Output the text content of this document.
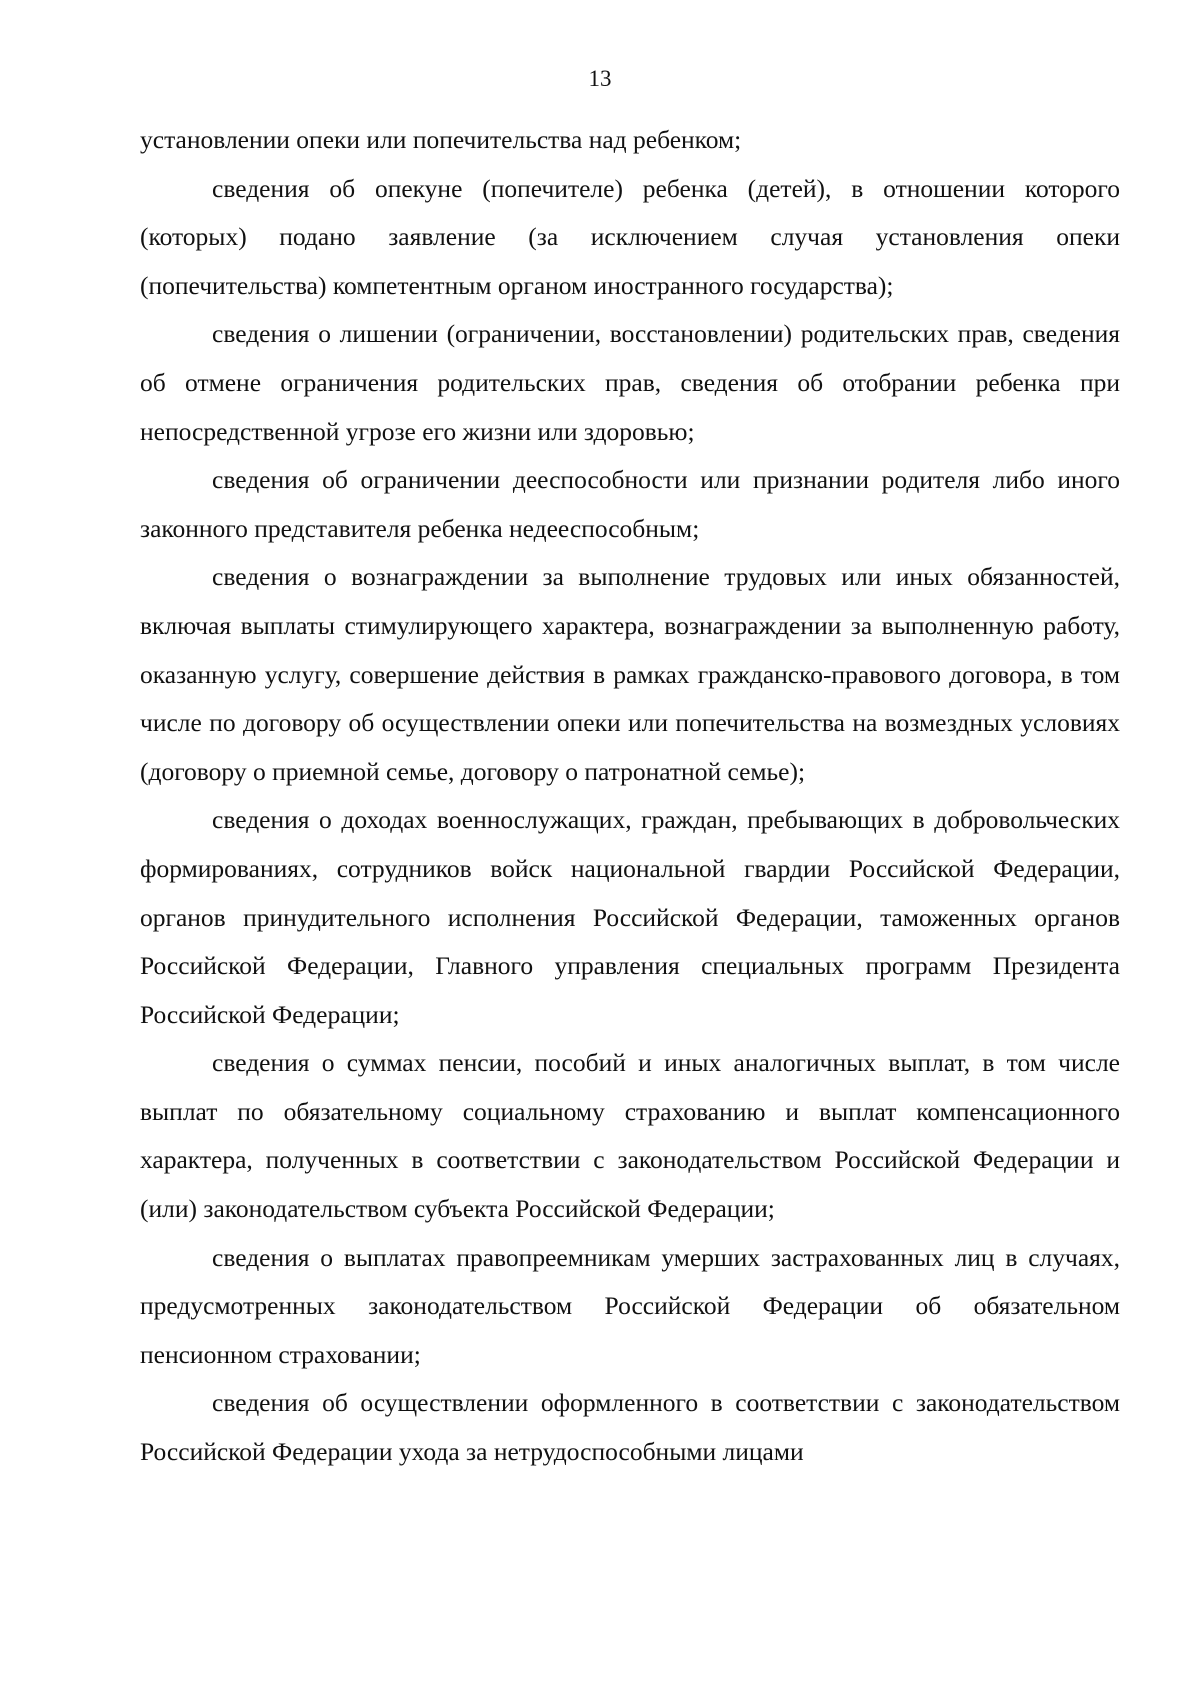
13

установлении опеки или попечительства над ребенком;

сведения об опекуне (попечителе) ребенка (детей), в отношении которого (которых) подано заявление (за исключением случая установления опеки (попечительства) компетентным органом иностранного государства);

сведения о лишении (ограничении, восстановлении) родительских прав, сведения об отмене ограничения родительских прав, сведения об отобрании ребенка при непосредственной угрозе его жизни или здоровью;

сведения об ограничении дееспособности или признании родителя либо иного законного представителя ребенка недееспособным;

сведения о вознаграждении за выполнение трудовых или иных обязанностей, включая выплаты стимулирующего характера, вознаграждении за выполненную работу, оказанную услугу, совершение действия в рамках гражданско-правового договора, в том числе по договору об осуществлении опеки или попечительства на возмездных условиях (договору о приемной семье, договору о патронатной семье);

сведения о доходах военнослужащих, граждан, пребывающих в добровольческих формированиях, сотрудников войск национальной гвардии Российской Федерации, органов принудительного исполнения Российской Федерации, таможенных органов Российской Федерации, Главного управления специальных программ Президента Российской Федерации;

сведения о суммах пенсии, пособий и иных аналогичных выплат, в том числе выплат по обязательному социальному страхованию и выплат компенсационного характера, полученных в соответствии с законодательством Российской Федерации и (или) законодательством субъекта Российской Федерации;

сведения о выплатах правопреемникам умерших застрахованных лиц в случаях, предусмотренных законодательством Российской Федерации об обязательном пенсионном страховании;

сведения об осуществлении оформленного в соответствии с законодательством Российской Федерации ухода за нетрудоспособными лицами
